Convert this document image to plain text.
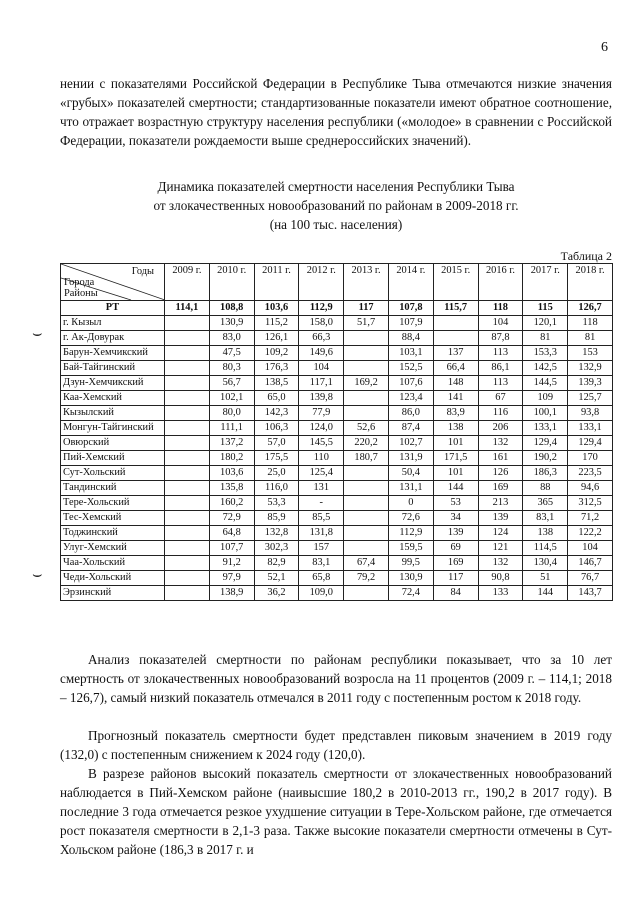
6

нении с показателями Российской Федерации в Республике Тыва отмечаются низкие значения «грубых» показателей смертности; стандартизованные показатели имеют обратное соотношение, что отражает возрастную структуру населения республики («молодое» в сравнении с Российской Федерации, показатели рождаемости выше среднероссийских значений).

Динамика показателей смертности населения Республики Тыва
от злокачественных новообразований по районам в 2009-2018 гг.
(на 100 тыс. населения)
Таблица 2
⌣
⌣
Годы
Города
Районы	2009 г.	2010 г.	2011 г.	2012 г.	2013 г.	2014 г.	2015 г.	2016 г.	2017 г.	2018 г.
РТ	114,1	108,8	103,6	112,9	117	107,8	115,7	118	115	126,7
г. Кызыл		130,9	115,2	158,0	51,7	107,9		104	120,1	118
г. Ак-Довурак		83,0	126,1	66,3		88,4		87,8	81	81
Барун-Хемчикский		47,5	109,2	149,6		103,1	137	113	153,3	153
Бай-Тайгинский		80,3	176,3	104		152,5	66,4	86,1	142,5	132,9
Дзун-Хемчикский		56,7	138,5	117,1	169,2	107,6	148	113	144,5	139,3
Каа-Хемский		102,1	65,0	139,8		123,4	141	67	109	125,7
Кызылский		80,0	142,3	77,9		86,0	83,9	116	100,1	93,8
Монгун-Тайгинский		111,1	106,3	124,0	52,6	87,4	138	206	133,1	133,1
Овюрский		137,2	57,0	145,5	220,2	102,7	101	132	129,4	129,4
Пий-Хемский		180,2	175,5	110	180,7	131,9	171,5	161	190,2	170
Сут-Хольский		103,6	25,0	125,4		50,4	101	126	186,3	223,5
Тандинский		135,8	116,0	131		131,1	144	169	88	94,6
Тере-Хольский		160,2	53,3	-		0	53	213	365	312,5
Тес-Хемский		72,9	85,9	85,5		72,6	34	139	83,1	71,2
Тоджинский		64,8	132,8	131,8		112,9	139	124	138	122,2
Улуг-Хемский		107,7	302,3	157		159,5	69	121	114,5	104
Чаа-Хольский		91,2	82,9	83,1	67,4	99,5	169	132	130,4	146,7
Чеди-Хольский		97,9	52,1	65,8	79,2	130,9	117	90,8	51	76,7
Эрзинский		138,9	36,2	109,0		72,4	84	133	144	143,7

Анализ показателей смертности по районам республики показывает, что за 10 лет смертность от злокачественных новообразований возросла на 11 процентов (2009 г. – 114,1; 2018 – 126,7), самый низкий показатель отмечался в 2011 году с постепенным ростом к 2018 году.

Прогнозный показатель смертности будет представлен пиковым значением в 2019 году (132,0) с постепенным снижением к 2024 году (120,0).

В разрезе районов высокий показатель смертности от злокачественных новообразований наблюдается в Пий-Хемском районе (наивысшие 180,2 в 2010-2013 гг., 190,2 в 2017 году). В последние 3 года отмечается резкое ухудшение ситуации в Тере-Хольском районе, где отмечается рост показателя смертности в 2,1-3 раза. Также высокие показатели смертности отмечены в Сут-Хольском районе (186,3 в 2017 г. и
